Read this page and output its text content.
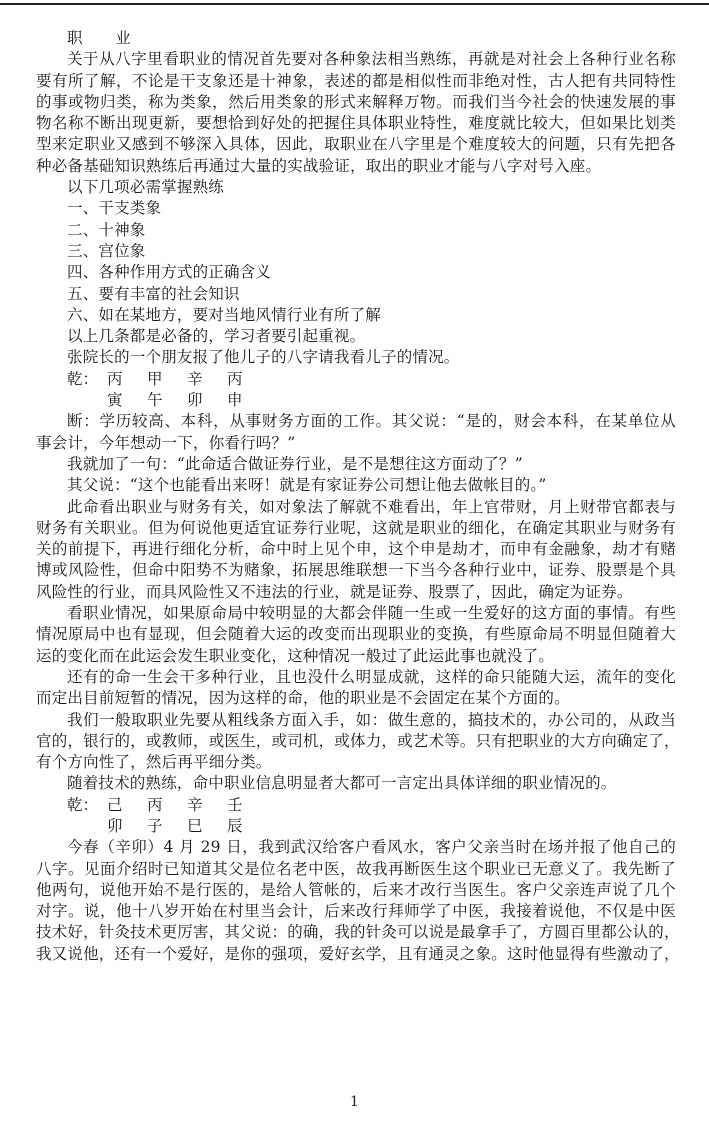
职 业
关于从八字里看职业的情况首先要对各种象法相当熟练，再就是对社会上各种行业名称
要有所了解，不论是干支象还是十神象，表述的都是相似性而非绝对性，古人把有共同特性
的事或物归类，称为类象，然后用类象的形式来解释万物。而我们当今社会的快速发展的事
物名称不断出现更新，要想恰到好处的把握住具体职业特性，难度就比较大，但如果比划类
型来定职业又感到不够深入具体，因此，取职业在八字里是个难度较大的问题，只有先把各
种必备基础知识熟练后再通过大量的实战验证，取出的职业才能与八字对号入座。
以下几项必需掌握熟练
一、干支类象
二、十神象
三、宫位象
四、各种作用方式的正确含义
五、要有丰富的社会知识
六、如在某地方，要对当地风情行业有所了解
以上几条都是必备的，学习者要引起重视。
张院长的一个朋友报了他儿子的八字请我看儿子的情况。
乾： 丙 甲 辛 丙
寅 午 卯 申
断：学历较高、本科，从事财务方面的工作。其父说：“是的，财会本科，在某单位从
事会计，今年想动一下，你看行吗？”
我就加了一句：“此命适合做证券行业，是不是想往这方面动了？”
其父说：“这个也能看出来呀！就是有家证券公司想让他去做帐目的。”
此命看出职业与财务有关，如对象法了解就不难看出，年上官带财，月上财带官都表与
财务有关职业。但为何说他更适宜证券行业呢，这就是职业的细化，在确定其职业与财务有
关的前提下，再进行细化分析，命中时上见个申，这个申是劫才，而申有金融象，劫才有赌
博或风险性，但命中阳势不为赌象，拓展思维联想一下当今各种行业中，证券、股票是个具
风险性的行业，而具风险性又不违法的行业，就是证券、股票了，因此，确定为证券。
看职业情况，如果原命局中较明显的大都会伴随一生或一生爱好的这方面的事情。有些
情况原局中也有显现，但会随着大运的改变而出现职业的变换，有些原命局不明显但随着大
运的变化而在此运会发生职业变化，这种情况一般过了此运此事也就没了。
还有的命一生会干多种行业，且也没什么明显成就，这样的命只能随大运，流年的变化
而定出目前短暂的情况，因为这样的命，他的职业是不会固定在某个方面的。
我们一般取职业先要从粗线条方面入手，如：做生意的，搞技术的，办公司的，从政当
官的，银行的，或教师，或医生，或司机，或体力，或艺术等。只有把职业的大方向确定了，
有个方向性了，然后再平细分类。
随着技术的熟练，命中职业信息明显者大都可一言定出具体详细的职业情况的。
乾： 己 丙 辛 壬
卯 子 巳 辰
今春（辛卯）4 月 29 日，我到武汉给客户看风水，客户父亲当时在场并报了他自己的
八字。见面介绍时已知道其父是位名老中医，故我再断医生这个职业已无意义了。我先断了
他两句，说他开始不是行医的，是给人管帐的，后来才改行当医生。客户父亲连声说了几个
对字。说，他十八岁开始在村里当会计，后来改行拜师学了中医，我接着说他，不仅是中医
技术好，针灸技术更厉害，其父说：的确，我的针灸可以说是最拿手了，方圆百里都公认的，
我又说他，还有一个爱好，是你的强项，爱好玄学，且有通灵之象。这时他显得有些激动了，
1
